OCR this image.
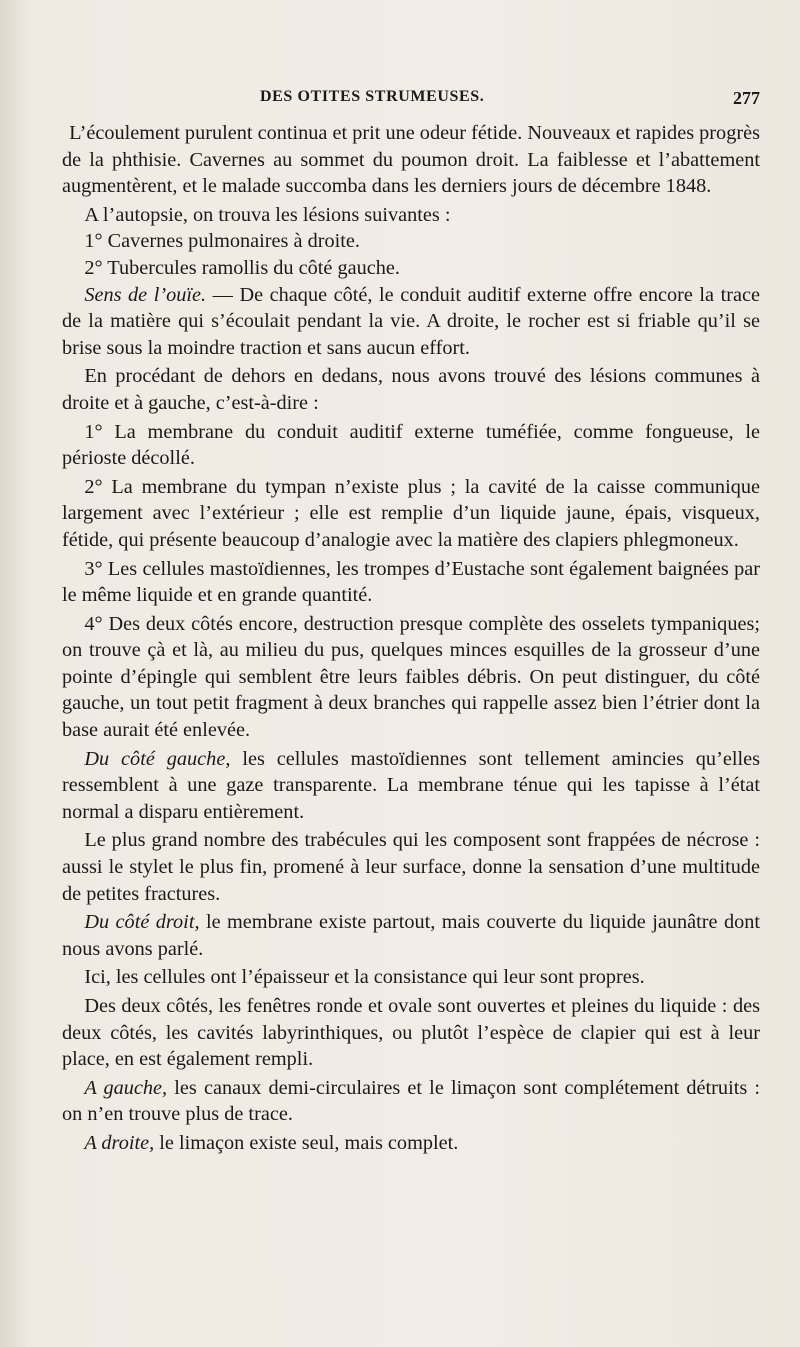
DES OTITES STRUMEUSES.	277

L’écoulement purulent continua et prit une odeur fétide. Nouveaux et rapides progrès de la phthisie. Cavernes au sommet du poumon droit. La faiblesse et l’abattement augmentèrent, et le malade succomba dans les derniers jours de décembre 1848.

A l’autopsie, on trouva les lésions suivantes :

1° Cavernes pulmonaires à droite.

2° Tubercules ramollis du côté gauche.

Sens de l’ouïe. — De chaque côté, le conduit auditif externe offre encore la trace de la matière qui s’écoulait pendant la vie. A droite, le rocher est si friable qu’il se brise sous la moindre traction et sans aucun effort.

En procédant de dehors en dedans, nous avons trouvé des lésions communes à droite et à gauche, c’est-à-dire :

1° La membrane du conduit auditif externe tuméfiée, comme fongueuse, le périoste décollé.

2° La membrane du tympan n’existe plus ; la cavité de la caisse communique largement avec l’extérieur ; elle est remplie d’un liquide jaune, épais, visqueux, fétide, qui présente beaucoup d’analogie avec la matière des clapiers phlegmoneux.

3° Les cellules mastoïdiennes, les trompes d’Eustache sont également baignées par le même liquide et en grande quantité.

4° Des deux côtés encore, destruction presque complète des osselets tympaniques; on trouve çà et là, au milieu du pus, quelques minces esquilles de la grosseur d’une pointe d’épingle qui semblent être leurs faibles débris. On peut distinguer, du côté gauche, un tout petit fragment à deux branches qui rappelle assez bien l’étrier dont la base aurait été enlevée.

Du côté gauche, les cellules mastoïdiennes sont tellement amincies qu’elles ressemblent à une gaze transparente. La membrane ténue qui les tapisse à l’état normal a disparu entièrement.

Le plus grand nombre des trabécules qui les composent sont frappées de nécrose : aussi le stylet le plus fin, promené à leur surface, donne la sensation d’une multitude de petites fractures.

Du côté droit, le membrane existe partout, mais couverte du liquide jaunâtre dont nous avons parlé.

Ici, les cellules ont l’épaisseur et la consistance qui leur sont propres.

Des deux côtés, les fenêtres ronde et ovale sont ouvertes et pleines du liquide : des deux côtés, les cavités labyrinthiques, ou plutôt l’espèce de clapier qui est à leur place, en est également rempli.

A gauche, les canaux demi-circulaires et le limaçon sont complétement détruits : on n’en trouve plus de trace.

A droite, le limaçon existe seul, mais complet.
